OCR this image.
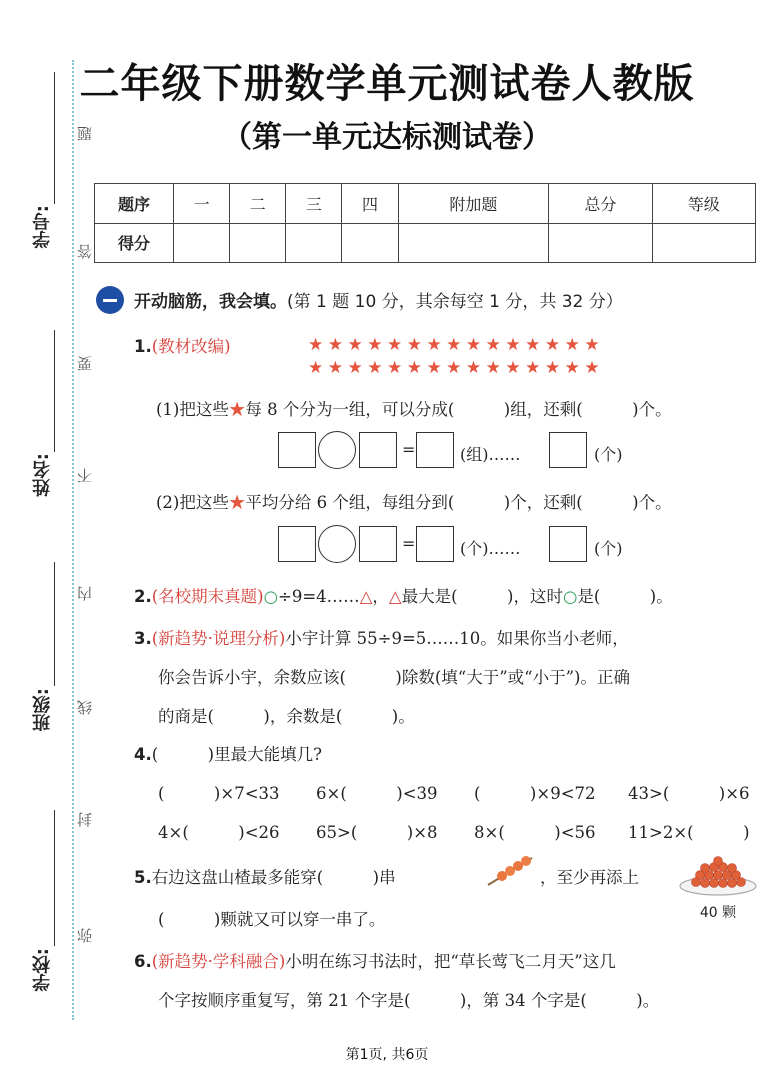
二年级下册数学单元测试卷人教版
（第一单元达标测试卷）
学号:
姓名:
班级:
学校:
题
答
要
不
内
线
封
弥
题序	一	二	三	四	附加题	总分	等级
得分							
开动脑筋，我会填。(第 1 题 10 分，其余每空 1 分，共 32 分）
1.(教材改编)	★★★★★★★★★★★★★★★
★★★★★★★★★★★★★★★
(1)把这些★每 8 个分为一组，可以分成(　　　)组，还剩(　　　)个。
=	(组)……	(个)
(2)把这些★平均分给 6 个组，每组分到(　　　)个，还剩(　　　)个。
=	(个)……	(个)
2.(名校期末真题)○÷9=4……△，△最大是(　　　)，这时○是(　　　)。
3.(新趋势·说理分析)小宇计算 55÷9=5……10。如果你当小老师，
你会告诉小宇，余数应该(　　　)除数(填“大于”或“小于”)。正确
的商是(　　　)，余数是(　　　)。
4.(　　　)里最大能填几?
(　　　)×7<33 6×(　　　)<39 (　　　)×9<72 43>(　　　)×6
4×(　　　)<26 65>(　　　)×8 8×(　　　)<56 11>2×(　　　)
5.右边这盘山楂最多能穿(　　　)串	，至少再添上
(　　　)颗就又可以穿一串了。	40 颗
6.(新趋势·学科融合)小明在练习书法时，把“草长莺飞二月天”这几
个字按顺序重复写，第 21 个字是(　　　)，第 34 个字是(　　　)。
第1页, 共6页
